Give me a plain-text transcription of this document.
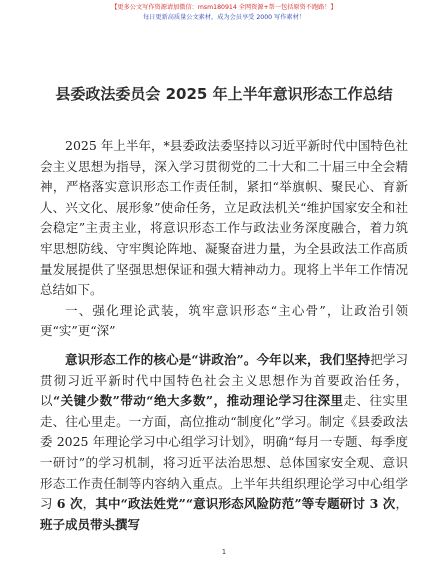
【更多公文写作资源请加微信：msm180914 全网资源+帮一包括原资不跑路！】
每日更新高质量公文素材，成为会员享受 2000 写作素材！
县委政法委员会 2025 年上半年意识形态工作总结

2025 年上半年，*县委政法委坚持以习近平新时代中国特色社会主义思想为指导，深入学习贯彻党的二十大和二十届三中全会精神，严格落实意识形态工作责任制，紧扣“举旗帜、聚民心、育新人、兴文化、展形象”使命任务，立足政法机关“维护国家安全和社会稳定”主责主业，将意识形态工作与政法业务深度融合，着力筑牢思想防线、守牢舆论阵地、凝聚奋进力量，为全县政法工作高质量发展提供了坚强思想保证和强大精神动力。现将上半年工作情况总结如下。

一、强化理论武装，筑牢意识形态“主心骨”，让政治引领更“实”更“深”

意识形态工作的核心是“讲政治”。今年以来，我们坚持把学习贯彻习近平新时代中国特色社会主义思想作为首要政治任务，以“关键少数”带动“绝大多数”，推动理论学习往深里走、往实里走、往心里走。一方面，高位推动“制度化”学习。制定《县委政法委 2025 年理论学习中心组学习计划》，明确“每月一专题、每季度一研讨”的学习机制，将习近平法治思想、总体国家安全观、意识形态工作责任制等内容纳入重点。上半年共组织理论学习中心组学习 6 次，其中“政法姓党”“意识形态风险防范”等专题研讨 3 次，班子成员带头撰写

1
